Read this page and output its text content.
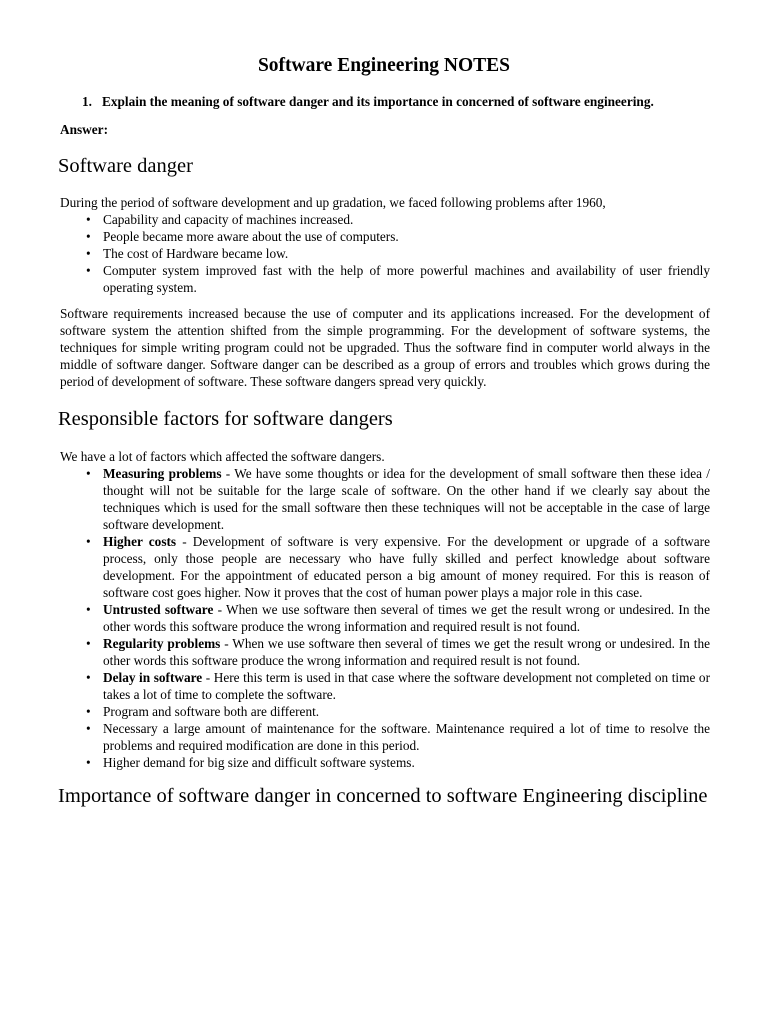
Software Engineering NOTES
1. Explain the meaning of software danger and its importance in concerned of software engineering.

Answer:

Software danger

During the period of software development and up gradation, we faced following problems after 1960,

• Capability and capacity of machines increased.
• People became more aware about the use of computers.
• The cost of Hardware became low.
• Computer system improved fast with the help of more powerful machines and availability of user friendly operating system.

Software requirements increased because the use of computer and its applications increased. For the development of software system the attention shifted from the simple programming. For the development of software systems, the techniques for simple writing program could not be upgraded. Thus the software find in computer world always in the middle of software danger. Software danger can be described as a group of errors and troubles which grows during the period of development of software. These software dangers spread very quickly.

Responsible factors for software dangers

We have a lot of factors which affected the software dangers.

• Measuring problems - We have some thoughts or idea for the development of small software then these idea / thought will not be suitable for the large scale of software. On the other hand if we clearly say about the techniques which is used for the small software then these techniques will not be acceptable in the case of large software development.
• Higher costs - Development of software is very expensive. For the development or upgrade of a software process, only those people are necessary who have fully skilled and perfect knowledge about software development. For the appointment of educated person a big amount of money required. For this is reason of software cost goes higher. Now it proves that the cost of human power plays a major role in this case.
• Untrusted software - When we use software then several of times we get the result wrong or undesired. In the other words this software produce the wrong information and required result is not found.
• Regularity problems - When we use software then several of times we get the result wrong or undesired. In the other words this software produce the wrong information and required result is not found.
• Delay in software - Here this term is used in that case where the software development not completed on time or takes a lot of time to complete the software.
• Program and software both are different.
• Necessary a large amount of maintenance for the software. Maintenance required a lot of time to resolve the problems and required modification are done in this period.
• Higher demand for big size and difficult software systems.
Importance of software danger in concerned to software Engineering discipline
